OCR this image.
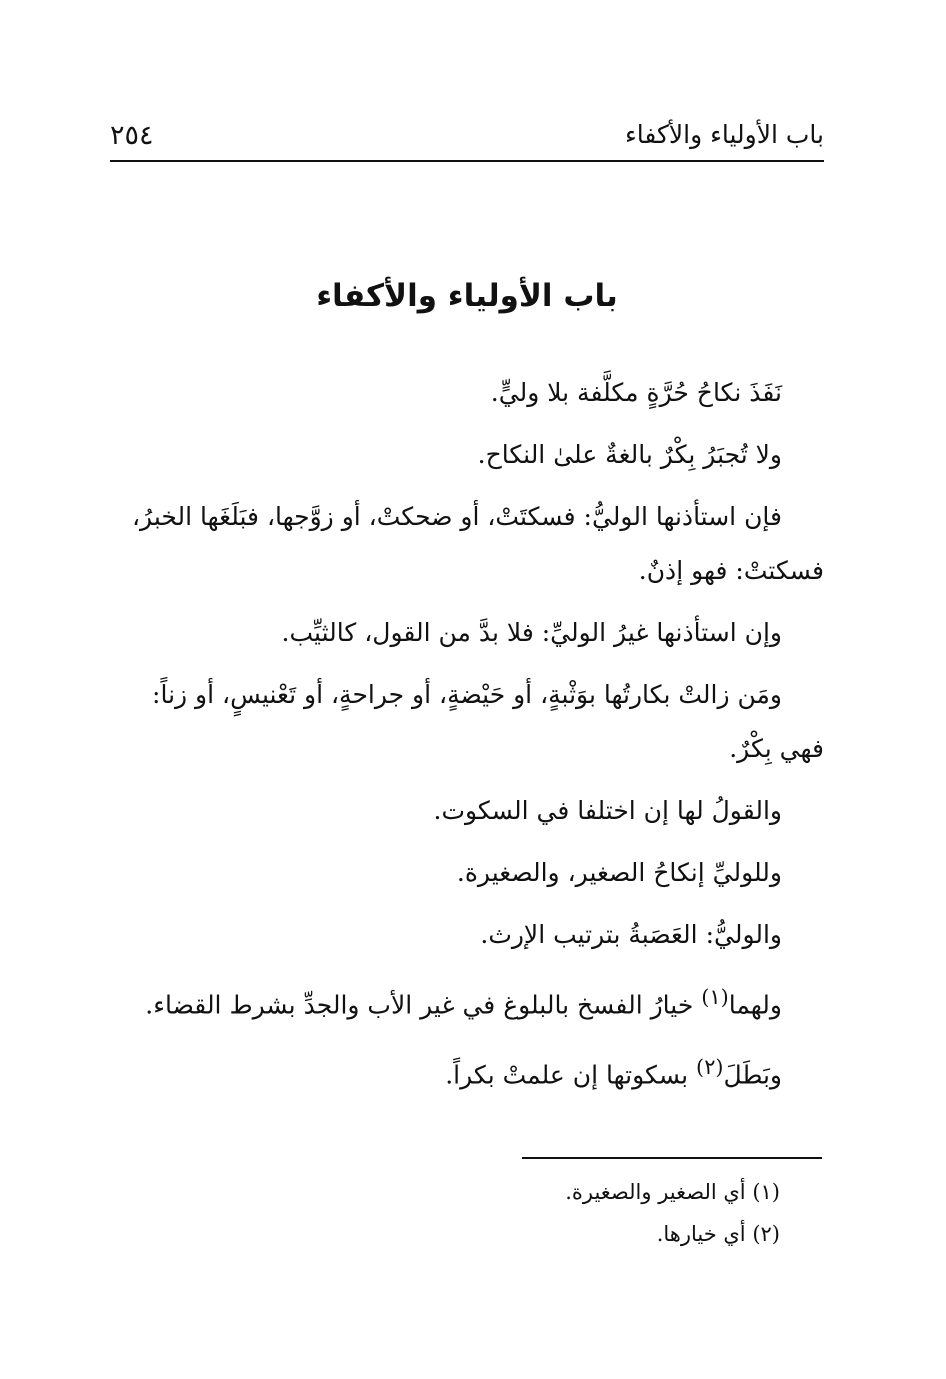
باب الأولياء والأكفاء
٢٥٤
باب الأولياء والأكفاء

نَفَذَ نكاحُ حُرَّةٍ مكلَّفة بلا وليٍّ.

ولا تُجبَرُ بِكْرٌ بالغةٌ علىٰ النكاح.

فإن استأذنها الوليُّ: فسكتَتْ، أو ضحكتْ، أو زوَّجها، فبَلَغَها الخبرُ،

فسكتتْ: فهو إذنٌ.

وإن استأذنها غيرُ الوليِّ: فلا بدَّ من القول، كالثيِّب.

ومَن زالتْ بكارتُها بوَثْبةٍ، أو حَيْضةٍ، أو جراحةٍ، أو تَعْنيسٍ، أو زناً:

فهي بِكْرٌ.

والقولُ لها إن اختلفا في السكوت.

وللوليِّ إنكاحُ الصغير، والصغيرة.

والوليُّ: العَصَبةُ بترتيب الإرث.

ولهما$^{(١)}$ خيارُ الفسخ بالبلوغ في غير الأب والجدِّ بشرط القضاء.

وبَطَلَ$^{(٢)}$ بسكوتها إن علمتْ بكراً.

(١) أي الصغير والصغيرة.

(٢) أي خيارها.
